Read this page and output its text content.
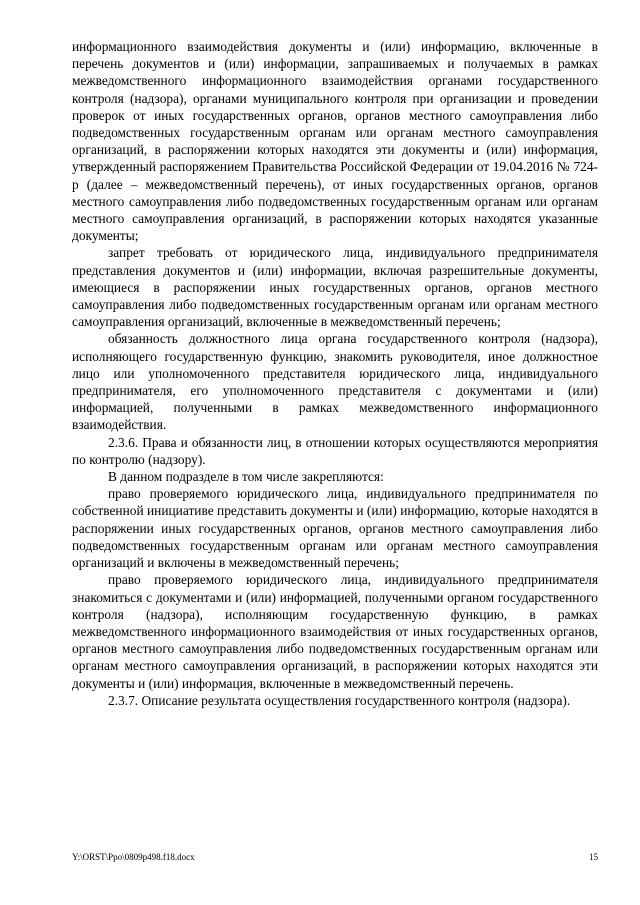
информационного взаимодействия документы и (или) информацию, включенные в перечень документов и (или) информации, запрашиваемых и получаемых в рамках межведомственного информационного взаимодействия органами государственного контроля (надзора), органами муниципального контроля при организации и проведении проверок от иных государственных органов, органов местного самоуправления либо подведомственных государственным органам или органам местного самоуправления организаций, в распоряжении которых находятся эти документы и (или) информация, утвержденный распоряжением Правительства Российской Федерации от 19.04.2016 № 724-р (далее – межведомственный перечень), от иных государственных органов, органов местного самоуправления либо подведомственных государственным органам или органам местного самоуправления организаций, в распоряжении которых находятся указанные документы;

запрет требовать от юридического лица, индивидуального предпринимателя представления документов и (или) информации, включая разрешительные документы, имеющиеся в распоряжении иных государственных органов, органов местного самоуправления либо подведомственных государственным органам или органам местного самоуправления организаций, включенные в межведомственный перечень;

обязанность должностного лица органа государственного контроля (надзора), исполняющего государственную функцию, знакомить руководителя, иное должностное лицо или уполномоченного представителя юридического лица, индивидуального предпринимателя, его уполномоченного представителя с документами и (или) информацией, полученными в рамках межведомственного информационного взаимодействия.

2.3.6. Права и обязанности лиц, в отношении которых осуществляются мероприятия по контролю (надзору).

В данном подразделе в том числе закрепляются:

право проверяемого юридического лица, индивидуального предпринимателя по собственной инициативе представить документы и (или) информацию, которые находятся в распоряжении иных государственных органов, органов местного самоуправления либо подведомственных государственным органам или органам местного самоуправления организаций и включены в межведомственный перечень;

право проверяемого юридического лица, индивидуального предпринимателя знакомиться с документами и (или) информацией, полученными органом государственного контроля (надзора), исполняющим государственную функцию, в рамках межведомственного информационного взаимодействия от иных государственных органов, органов местного самоуправления либо подведомственных государственным органам или органам местного самоуправления организаций, в распоряжении которых находятся эти документы и (или) информация, включенные в межведомственный перечень.

2.3.7. Описание результата осуществления государственного контроля (надзора).

Y:\ORST\Ppo\0809p498.f18.docx	15
